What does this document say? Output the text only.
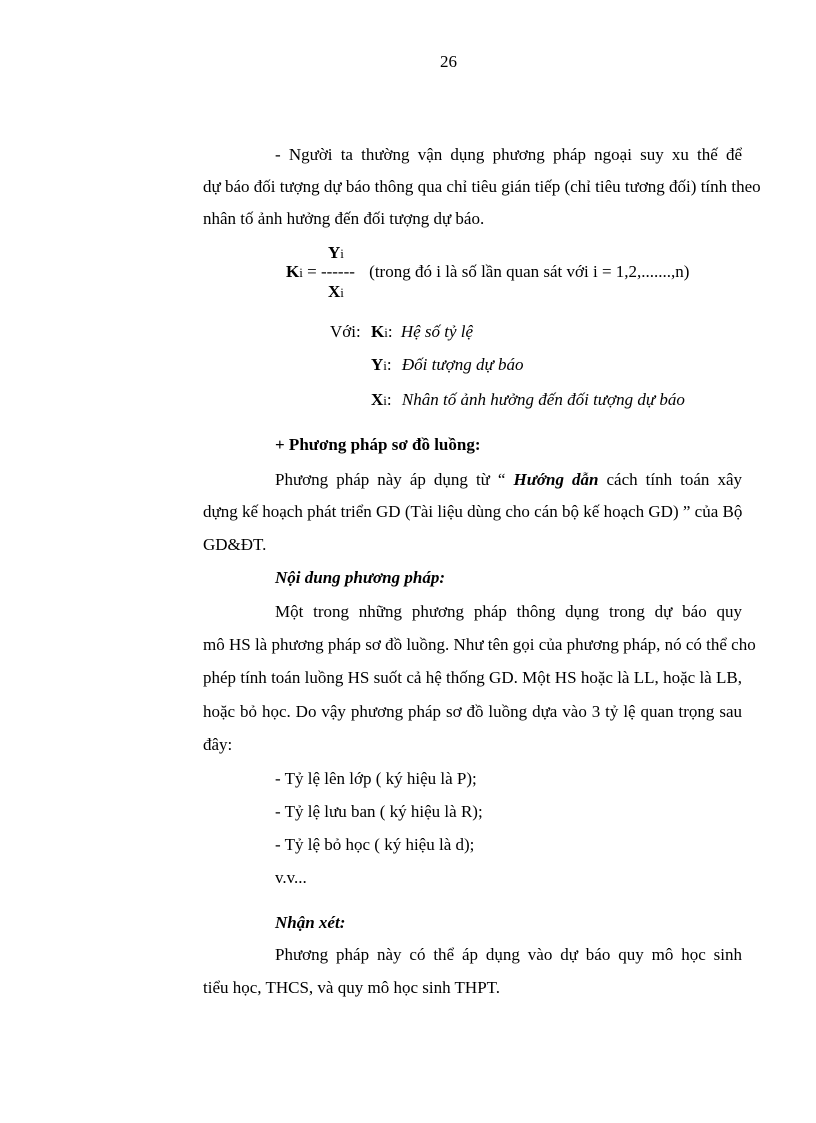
26
- Người ta thường vận dụng phương pháp ngoại suy xu thế để
dự báo đối tượng dự báo thông qua chỉ tiêu gián tiếp (chỉ tiêu tương đối) tính theo
nhân tố ảnh hưởng đến đối tượng dự báo.
Yi
Ki = ------ (trong đó i là số lần quan sát với i = 1,2,.......,n)
Xi
Với: Ki: Hệ số tỷ lệ
Yi: Đối tượng dự báo
Xi: Nhân tố ảnh hưởng đến đối tượng dự báo
+ Phương pháp sơ đồ luồng:
Phương pháp này áp dụng từ “ Hướng dẫn cách tính toán xây
dựng kế hoạch phát triển GD (Tài liệu dùng cho cán bộ kế hoạch GD) ” của Bộ
GD&ĐT.
Nội dung phương pháp:
Một trong những phương pháp thông dụng trong dự báo quy
mô HS là phương pháp sơ đồ luồng. Như tên gọi của phương pháp, nó có thể cho
phép tính toán luồng HS suốt cả hệ thống GD. Một HS hoặc là LL, hoặc là LB,
hoặc bỏ học. Do vậy phương pháp sơ đồ luồng dựa vào 3 tỷ lệ quan trọng sau
đây:
- Tỷ lệ lên lớp ( ký hiệu là P);
- Tỷ lệ lưu ban ( ký hiệu là R);
- Tỷ lệ bỏ học ( ký hiệu là d);
v.v...
Nhận xét:
Phương pháp này có thể áp dụng vào dự báo quy mô học sinh
tiểu học, THCS, và quy mô học sinh THPT.
